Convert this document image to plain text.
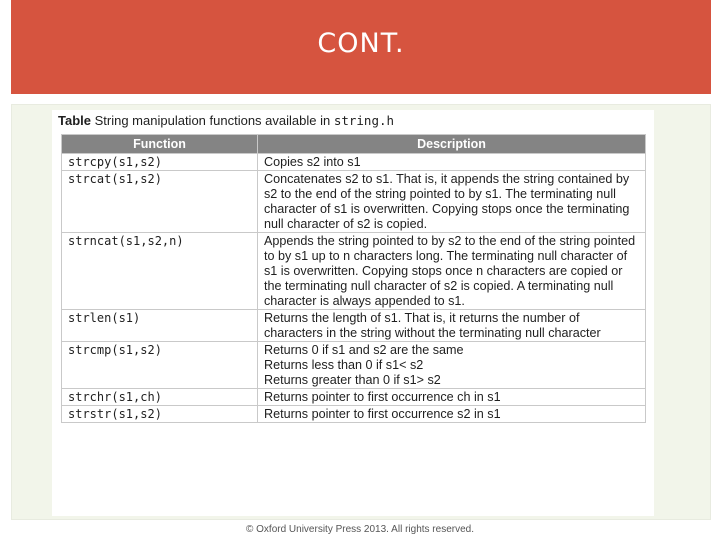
CONT.
Table String manipulation functions available in string.h
Function	Description
strcpy(s1,s2)	Copies s2 into s1
strcat(s1,s2)	Concatenates s2 to s1. That is, it appends the string contained by s2 to the end of the string pointed to by s1. The terminating null character of s1 is overwritten. Copying stops once the terminating null character of s2 is copied.
strncat(s1,s2,n)	Appends the string pointed to by s2 to the end of the string pointed to by s1 up to n characters long. The terminating null character of s1 is overwritten. Copying stops once n characters are copied or the terminating null character of s2 is copied. A terminating null character is always appended to s1.
strlen(s1)	Returns the length of s1. That is, it returns the number of characters in the string without the terminating null character
strcmp(s1,s2)	Returns 0 if s1 and s2 are the same
Returns less than 0 if s1< s2
Returns greater than 0 if s1> s2
strchr(s1,ch)	Returns pointer to first occurrence ch in s1
strstr(s1,s2)	Returns pointer to first occurrence s2 in s1
© Oxford University Press 2013. All rights reserved.
